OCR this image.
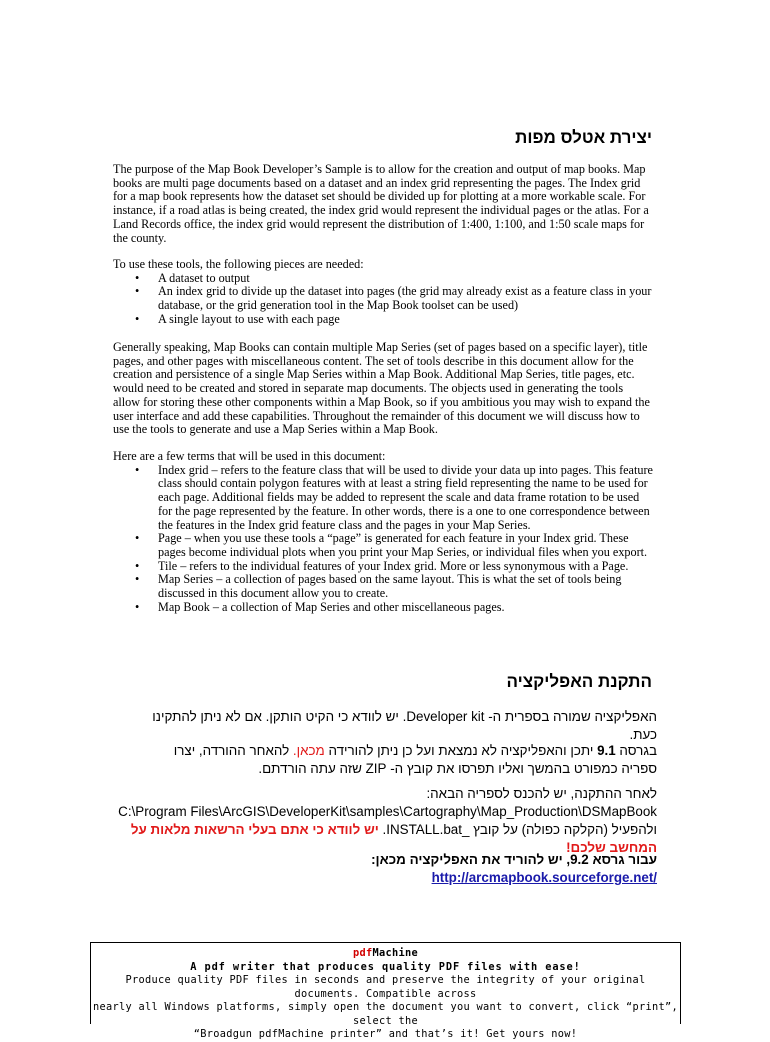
יצירת אטלס מפות

The purpose of the Map Book Developer’s Sample is to allow for the creation and output of map books. Map books are multi page documents based on a dataset and an index grid representing the pages. The Index grid for a map book represents how the dataset set should be divided up for plotting at a more workable scale. For instance, if a road atlas is being created, the index grid would represent the individual pages or the atlas. For a Land Records office, the index grid would represent the distribution of 1:400, 1:100, and 1:50 scale maps for the county.

To use these tools, the following pieces are needed:

• A dataset to output
• An index grid to divide up the dataset into pages (the grid may already exist as a feature class in your database, or the grid generation tool in the Map Book toolset can be used)
• A single layout to use with each page

Generally speaking, Map Books can contain multiple Map Series (set of pages based on a specific layer), title pages, and other pages with miscellaneous content. The set of tools describe in this document allow for the creation and persistence of a single Map Series within a Map Book. Additional Map Series, title pages, etc. would need to be created and stored in separate map documents. The objects used in generating the tools allow for storing these other components within a Map Book, so if you ambitious you may wish to expand the user interface and add these capabilities. Throughout the remainder of this document we will discuss how to use the tools to generate and use a Map Series within a Map Book.

Here are a few terms that will be used in this document:

• Index grid – refers to the feature class that will be used to divide your data up into pages. This feature class should contain polygon features with at least a string field representing the name to be used for each page. Additional fields may be added to represent the scale and data frame rotation to be used for the page represented by the feature. In other words, there is a one to one correspondence between the features in the Index grid feature class and the pages in your Map Series.
• Page – when you use these tools a “page” is generated for each feature in your Index grid. These pages become individual plots when you print your Map Series, or individual files when you export.
• Tile – refers to the individual features of your Index grid. More or less synonymous with a Page.
• Map Series – a collection of pages based on the same layout. This is what the set of tools being discussed in this document allow you to create.
• Map Book – a collection of Map Series and other miscellaneous pages.
התקנת האפליקציה
האפליקציה שמורה בספרית ה- Developer kit. יש לוודא כי הקיט הותקן. אם לא ניתן להתקינו
כעת.
בגרסה 9.1 יתכן והאפליקציה לא נמצאת ועל כן ניתן להורידה מכאן. להאחר ההורדה, יצרו
ספריה כמפורט בהמשך ואליו תפרסו את קובץ ה- ZIP שזה עתה הורדתם.
לאחר ההתקנה, יש להכנס לספריה הבאה:
C:\Program Files\ArcGIS\DeveloperKit\samples\Cartography\Map_Production\DSMapBook
ולהפעיל (הקלקה כפולה) על קובץ _INSTALL.bat. יש לוודא כי אתם בעלי הרשאות מלאות על
המחשב שלכם!
עבור גרסא 9.2, יש להוריד את האפליקציה מכאן:
http://arcmapbook.sourceforge.net/
pdfMachine
A pdf writer that produces quality PDF files with ease!
Produce quality PDF files in seconds and preserve the integrity of your original documents. Compatible across
nearly all Windows platforms, simply open the document you want to convert, click “print”, select the
“Broadgun pdfMachine printer” and that’s it! Get yours now!
